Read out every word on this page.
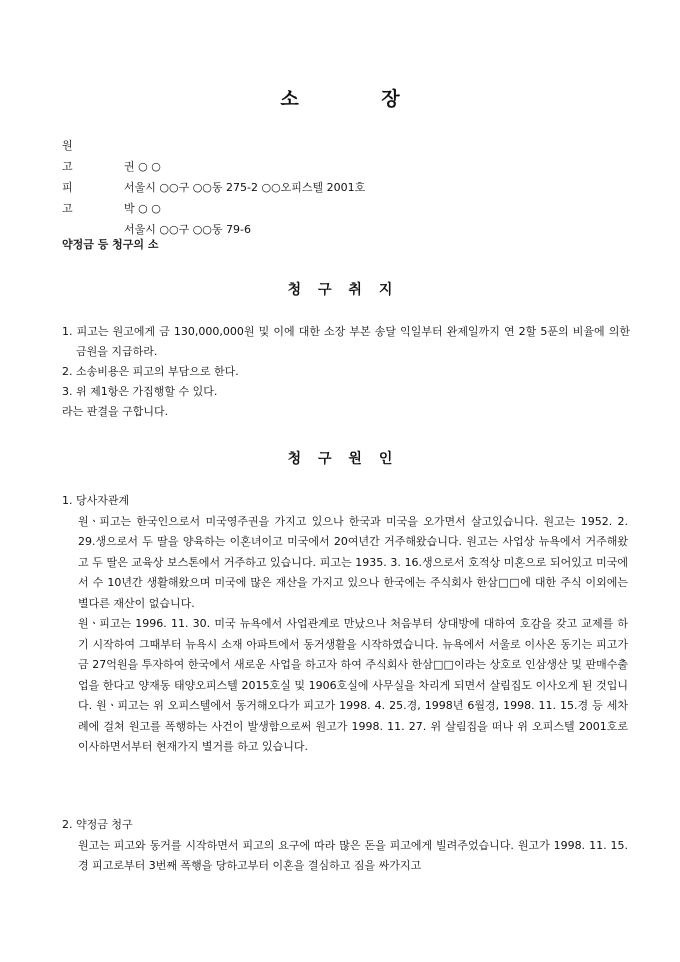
소 장
원 고	권 ○ ○
서울시 ○○구 ○○동 275-2 ○○오피스텔 2001호
피 고	박 ○ ○
서울시 ○○구 ○○동 79-6
약정금 등 청구의 소
청 구 취 지
1. 피고는 원고에게 금 130,000,000원 및 이에 대한 소장 부본 송달 익일부터 완제일까지 연 2할 5푼의 비율에 의한 금원을 지급하라.
2. 소송비용은 피고의 부담으로 한다.
3. 위 제1항은 가집행할 수 있다.
라는 판결을 구합니다.
청 구 원 인
1. 당사자관계
원ㆍ피고는 한국인으로서 미국영주권을 가지고 있으나 한국과 미국을 오가면서 살고있습니다. 원고는 1952. 2. 29.생으로서 두 딸을 양육하는 이혼녀이고 미국에서 20여년간 거주해왔습니다. 원고는 사업상 뉴욕에서 거주해왔고 두 딸은 교육상 보스톤에서 거주하고 있습니다. 피고는 1935. 3. 16.생으로서 호적상 미혼으로 되어있고 미국에서 수 10년간 생활해왔으며 미국에 많은 재산을 가지고 있으나 한국에는 주식회사 한삼□□에 대한 주식 이외에는 별다른 재산이 없습니다.
원ㆍ피고는 1996. 11. 30. 미국 뉴욕에서 사업관계로 만났으나 처음부터 상대방에 대하여 호감을 갖고 교제를 하기 시작하여 그때부터 뉴욕시 소재 아파트에서 동거생활을 시작하였습니다. 뉴욕에서 서울로 이사온 동기는 피고가 금 27억원을 투자하여 한국에서 새로운 사업을 하고자 하여 주식회사 한삼□□이라는 상호로 인삼생산 및 판매수출업을 한다고 양재동 태양오피스텔 2015호실 및 1906호실에 사무실을 차리게 되면서 살림집도 이사오게 된 것입니다. 원ㆍ피고는 위 오피스텔에서 동거해오다가 피고가 1998. 4. 25.경, 1998년 6월경, 1998. 11. 15.경 등 세차례에 걸쳐 원고를 폭행하는 사건이 발생함으로써 원고가 1998. 11. 27. 위 살림집을 떠나 위 오피스텔 2001호로 이사하면서부터 현재가지 별거를 하고 있습니다.
2. 약정금 청구
원고는 피고와 동거를 시작하면서 피고의 요구에 따라 많은 돈을 피고에게 빌려주었습니다. 원고가 1998. 11. 15.경 피고로부터 3번째 폭행을 당하고부터 이혼을 결심하고 짐을 싸가지고
